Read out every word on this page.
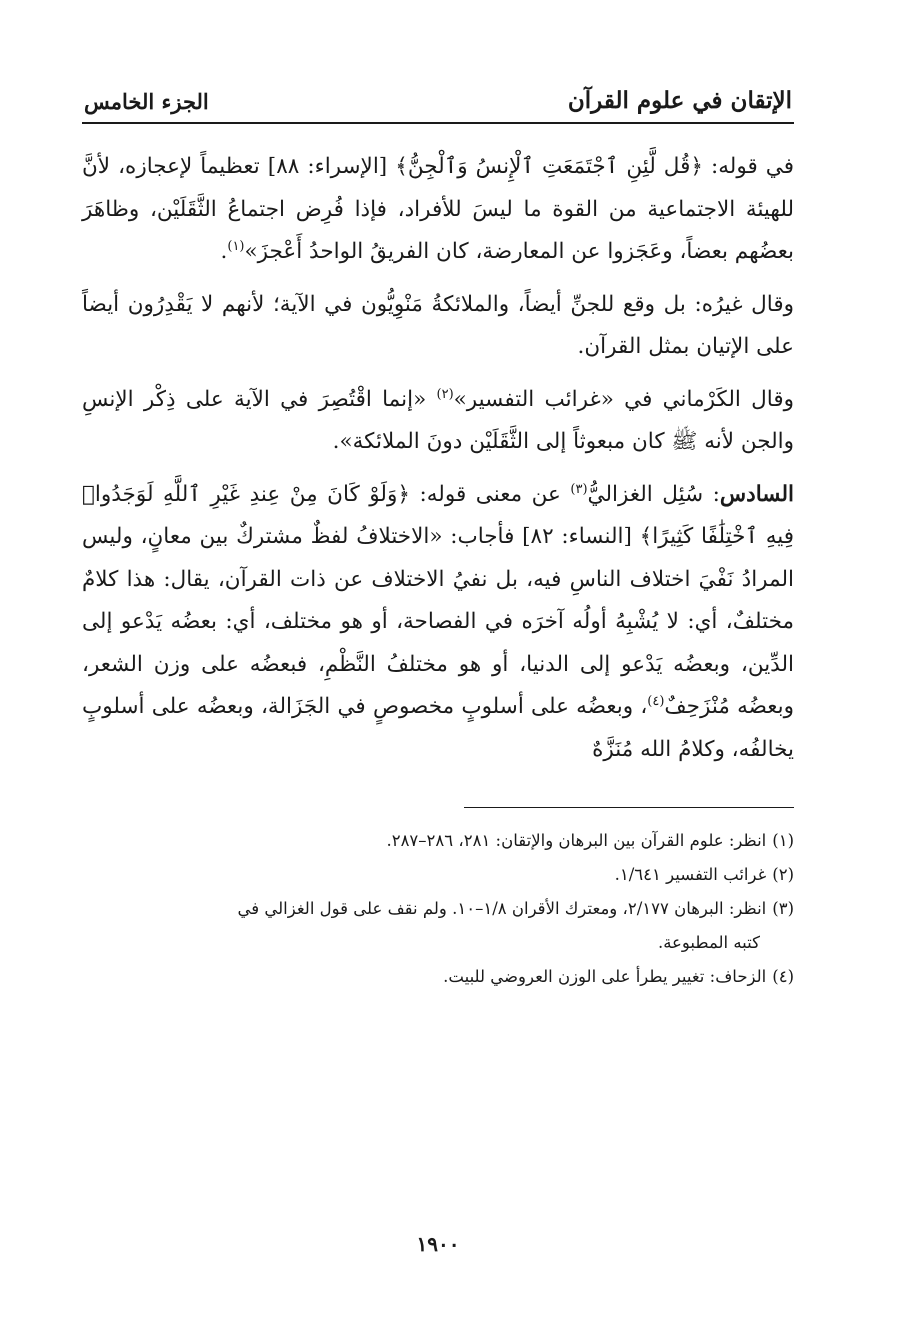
الإتقان في علوم القرآن
الجزء الخامس

في قوله: ﴿قُل لَّئِنِ ٱجْتَمَعَتِ ٱلْإِنسُ وَٱلْجِنُّ﴾ [الإسراء: ٨٨] تعظيماً لإعجازه، لأنَّ للهيئة الاجتماعية من القوة ما ليسَ للأفراد، فإذا فُرِض اجتماعُ الثَّقَلَيْن، وظاهَرَ بعضُهم بعضاً، وعَجَزوا عن المعارضة، كان الفريقُ الواحدُ أَعْجزَ»$^{(١)}$.

وقال غيرُه: بل وقع للجنِّ أيضاً، والملائكةُ مَنْوِيُّون في الآية؛ لأنهم لا يَقْدِرُون أيضاً على الإتيان بمثل القرآن.

وقال الكَرْماني في «غرائب التفسير»$^{(٢)}$ «إنما اقْتُصِرَ في الآية على ذِكْر الإنسِ والجن لأنه ﷺ كان مبعوثاً إلى الثَّقَلَيْن دونَ الملائكة».

السادس: سُئِل الغزاليُّ$^{(٣)}$ عن معنى قوله: ﴿وَلَوْ كَانَ مِنْ عِندِ غَيْرِ ٱللَّهِ لَوَجَدُوا۟ فِيهِ ٱخْتِلَٰفًا كَثِيرًا﴾ [النساء: ٨٢] فأجاب: «الاختلافُ لفظٌ مشتركٌ بين معانٍ، وليس المرادُ نَفْيَ اختلاف الناسِ فيه، بل نفيُ الاختلاف عن ذات القرآن، يقال: هذا كلامٌ مختلفٌ، أي: لا يُشْبِهُ أولُه آخرَه في الفصاحة، أو هو مختلف، أي: بعضُه يَدْعو إلى الدِّين، وبعضُه يَدْعو إلى الدنيا، أو هو مختلفُ النَّظْمِ، فبعضُه على وزن الشعر، وبعضُه مُنْزَحِفٌ$^{(٤)}$، وبعضُه على أسلوبٍ مخصوصٍ في الجَزَالة، وبعضُه على أسلوبٍ يخالفُه، وكلامُ الله مُنَزَّهٌ

(١)انظر: علوم القرآن بين البرهان والإتقان: ٢٨١، ٢٨٦–٢٨٧.

(٢)غرائب التفسير ١/٦٤١.

(٣)انظر: البرهان ٢/١٧٧، ومعترك الأقران ١/٨–١٠. ولم نقف على قول الغزالي في

كتبه المطبوعة.

(٤)الزحاف: تغيير يطرأ على الوزن العروضي للبيت.

١٩٠٠
